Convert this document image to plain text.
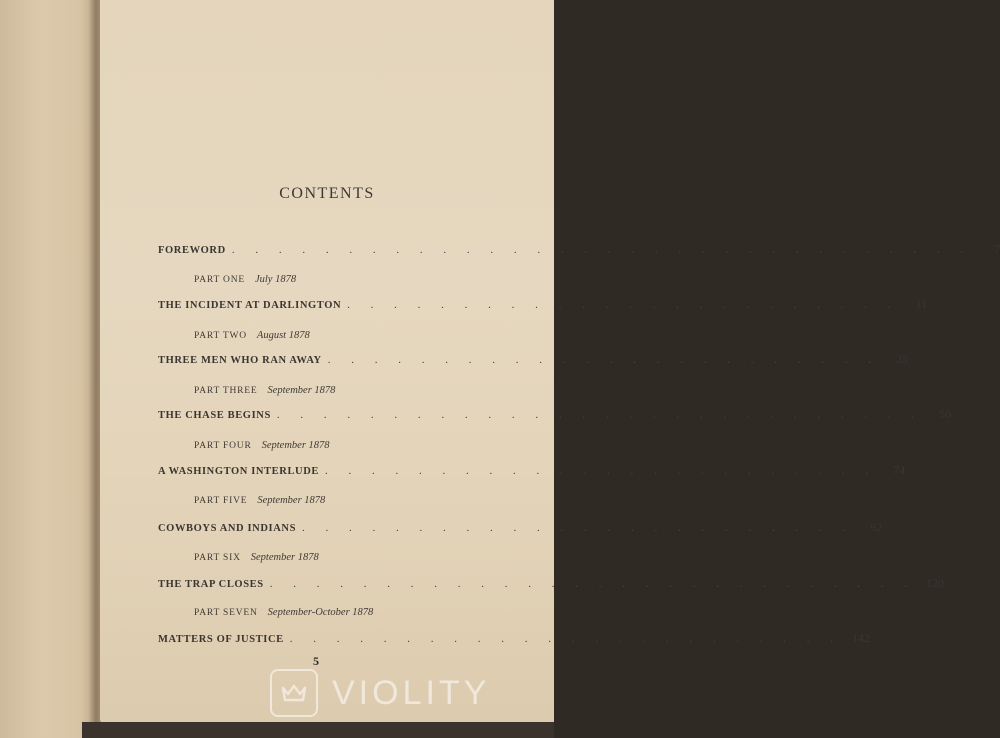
CONTENTS
FOREWORD . . . . . . . . . . . . . . . . . . . . . . . . . . . . . . . .	7
PART ONE July 1878
THE INCIDENT AT DARLINGTON . . . . . . . . . . . . . . . . . . . . . . . .	11
PART TWO August 1878
THREE MEN WHO RAN AWAY . . . . . . . . . . . . . . . . . . . . . . . .	25
PART THREE September 1878
THE CHASE BEGINS . . . . . . . . . . . . . . . . . . . . . . . . . . . .	50
PART FOUR September 1878
A WASHINGTON INTERLUDE . . . . . . . . . . . . . . . . . . . . . . . .	74
PART FIVE September 1878
COWBOYS AND INDIANS . . . . . . . . . . . . . . . . . . . . . . . .	92
PART SIX September 1878
THE TRAP CLOSES . . . . . . . . . . . . . . . . . . . . . . . . . . . . 120
PART SEVEN September-October 1878
MATTERS OF JUSTICE . . . . . . . . . . . . . . . . . . . . . . . . 142
5
VIOLITY
